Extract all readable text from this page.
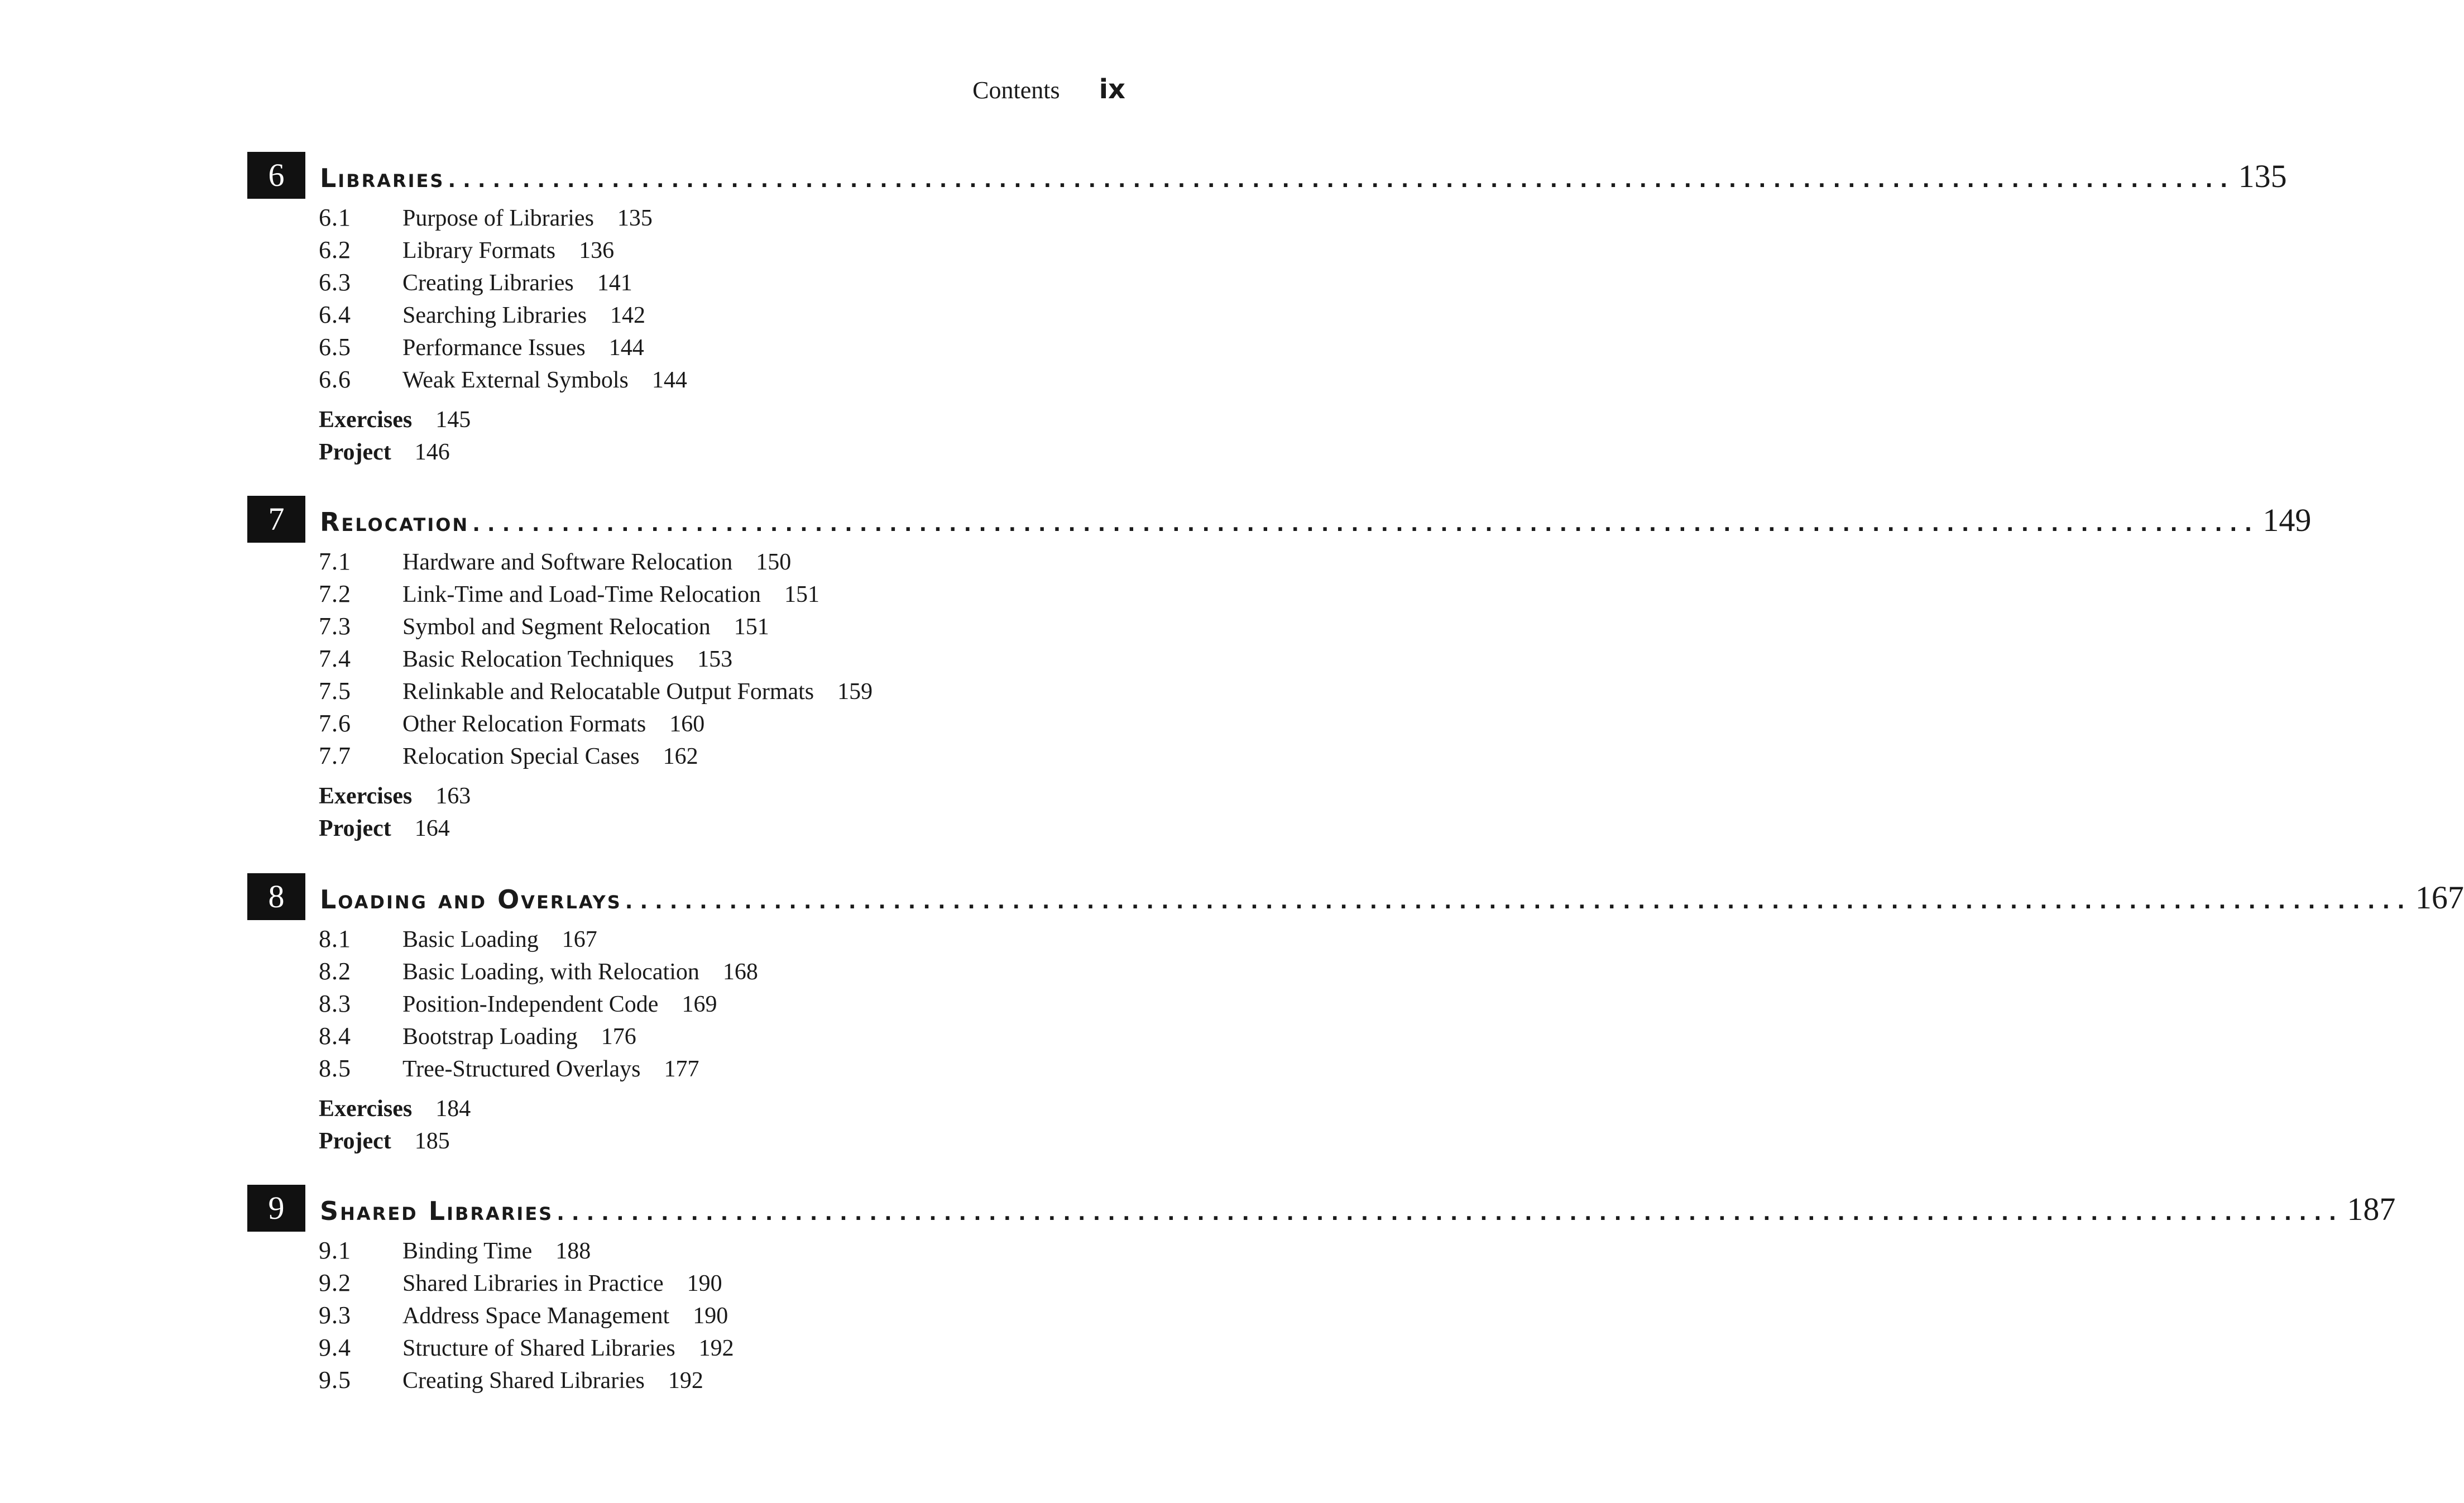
Contents ix
6	Libraries ........................................................................................................................ 135
6.1	Purpose of Libraries 135
6.2	Library Formats 136
6.3	Creating Libraries 141
6.4	Searching Libraries 142
6.5	Performance Issues 144
6.6	Weak External Symbols 144
Exercises 145
Project 146
7	Relocation ........................................................................................................................ 149
7.1	Hardware and Software Relocation 150
7.2	Link-Time and Load-Time Relocation 151
7.3	Symbol and Segment Relocation 151
7.4	Basic Relocation Techniques 153
7.5	Relinkable and Relocatable Output Formats 159
7.6	Other Relocation Formats 160
7.7	Relocation Special Cases 162
Exercises 163
Project 164
8	Loading and Overlays ........................................................................................................................ 167
8.1	Basic Loading 167
8.2	Basic Loading, with Relocation 168
8.3	Position-Independent Code 169
8.4	Bootstrap Loading 176
8.5	Tree-Structured Overlays 177
Exercises 184
Project 185
9	Shared Libraries ........................................................................................................................ 187
9.1	Binding Time 188
9.2	Shared Libraries in Practice 190
9.3	Address Space Management 190
9.4	Structure of Shared Libraries 192
9.5	Creating Shared Libraries 192
